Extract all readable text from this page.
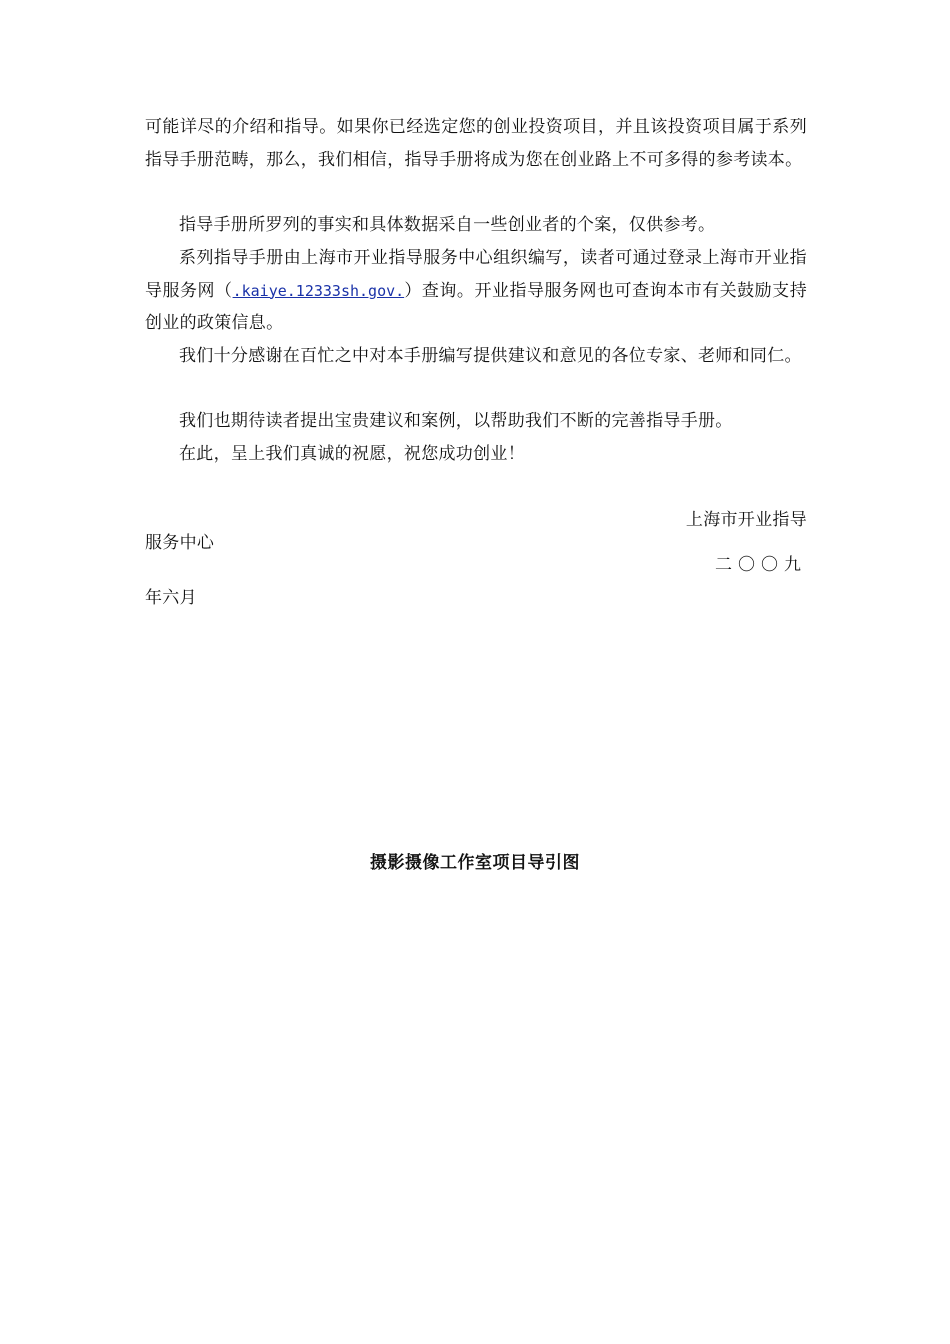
可能详尽的介绍和指导。如果你已经选定您的创业投资项目，并且该投资项目属于系列指导手册范畴，那么，我们相信，指导手册将成为您在创业路上不可多得的参考读本。

指导手册所罗列的事实和具体数据采自一些创业者的个案，仅供参考。

系列指导手册由上海市开业指导服务中心组织编写，读者可通过登录上海市开业指导服务网（.kaiye.12333sh.gov.）查询。开业指导服务网也可查询本市有关鼓励支持创业的政策信息。

我们十分感谢在百忙之中对本手册编写提供建议和意见的各位专家、老师和同仁。

我们也期待读者提出宝贵建议和案例，以帮助我们不断的完善指导手册。

在此，呈上我们真诚的祝愿，祝您成功创业！

上海市开业指导
服务中心
二〇〇九
年六月
摄影摄像工作室项目导引图
